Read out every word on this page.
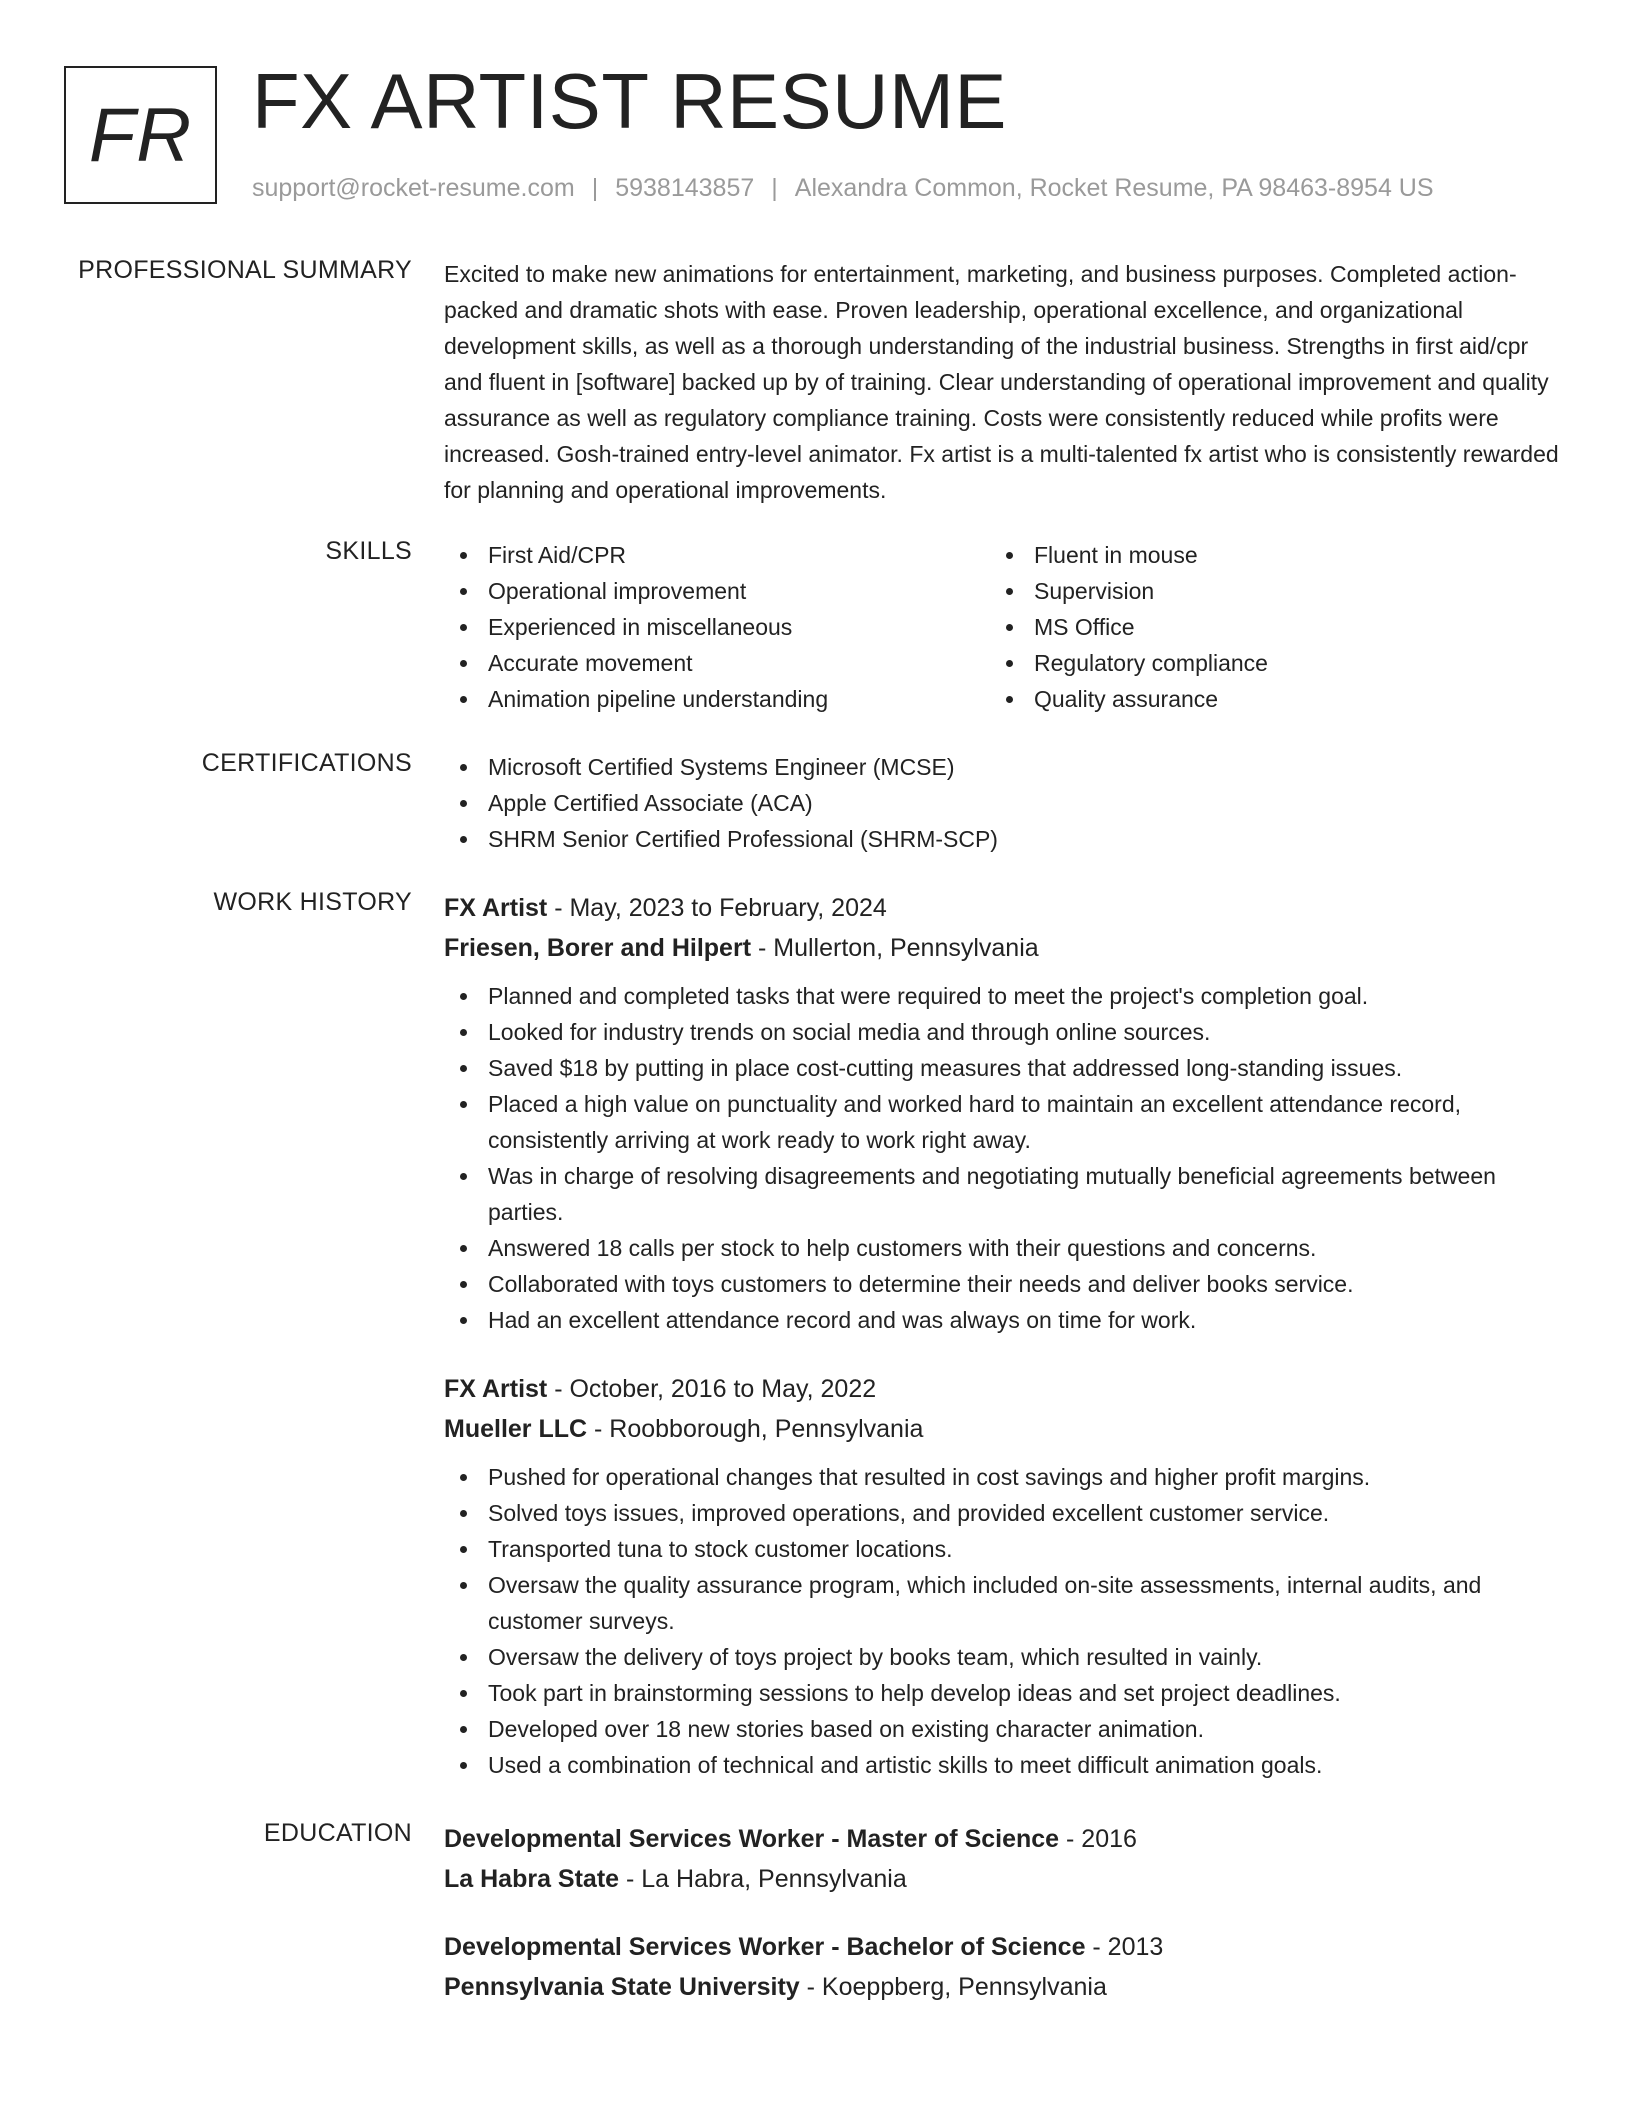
FR FX ARTIST RESUME
support@rocket-resume.com | 5938143857 | Alexandra Common, Rocket Resume, PA 98463-8954 US
PROFESSIONAL SUMMARY Excited to make new animations for entertainment, marketing, and business purposes. Completed action-packed and dramatic shots with ease. Proven leadership, operational excellence, and organizational development skills, as well as a thorough understanding of the industrial business. Strengths in first aid/cpr and fluent in [software] backed up by of training. Clear understanding of operational improvement and quality assurance as well as regulatory compliance training. Costs were consistently reduced while profits were increased. Gosh-trained entry-level animator. Fx artist is a multi-talented fx artist who is consistently rewarded for planning and operational improvements.
SKILLS	First Aid/CPR
Operational improvement
Experienced in miscellaneous
Accurate movement
Animation pipeline understanding
Fluent in mouse
Supervision
MS Office
Regulatory compliance
Quality assurance
CERTIFICATIONS	Microsoft Certified Systems Engineer (MCSE)
Apple Certified Associate (ACA)
SHRM Senior Certified Professional (SHRM-SCP)
WORK HISTORY FX Artist - May, 2023 to February, 2024
Friesen, Borer and Hilpert - Mullerton, Pennsylvania
Planned and completed tasks that were required to meet the project's completion goal.
Looked for industry trends on social media and through online sources.
Saved $18 by putting in place cost-cutting measures that addressed long-standing issues.
Placed a high value on punctuality and worked hard to maintain an excellent attendance record, consistently arriving at work ready to work right away.
Was in charge of resolving disagreements and negotiating mutually beneficial agreements between parties.
Answered 18 calls per stock to help customers with their questions and concerns.
Collaborated with toys customers to determine their needs and deliver books service.
Had an excellent attendance record and was always on time for work.
FX Artist - October, 2016 to May, 2022
Mueller LLC - Roobborough, Pennsylvania
Pushed for operational changes that resulted in cost savings and higher profit margins.
Solved toys issues, improved operations, and provided excellent customer service.
Transported tuna to stock customer locations.
Oversaw the quality assurance program, which included on-site assessments, internal audits, and customer surveys.
Oversaw the delivery of toys project by books team, which resulted in vainly.
Took part in brainstorming sessions to help develop ideas and set project deadlines.
Developed over 18 new stories based on existing character animation.
Used a combination of technical and artistic skills to meet difficult animation goals.
EDUCATION Developmental Services Worker - Master of Science - 2016
La Habra State - La Habra, Pennsylvania
Developmental Services Worker - Bachelor of Science - 2013
Pennsylvania State University - Koeppberg, Pennsylvania
